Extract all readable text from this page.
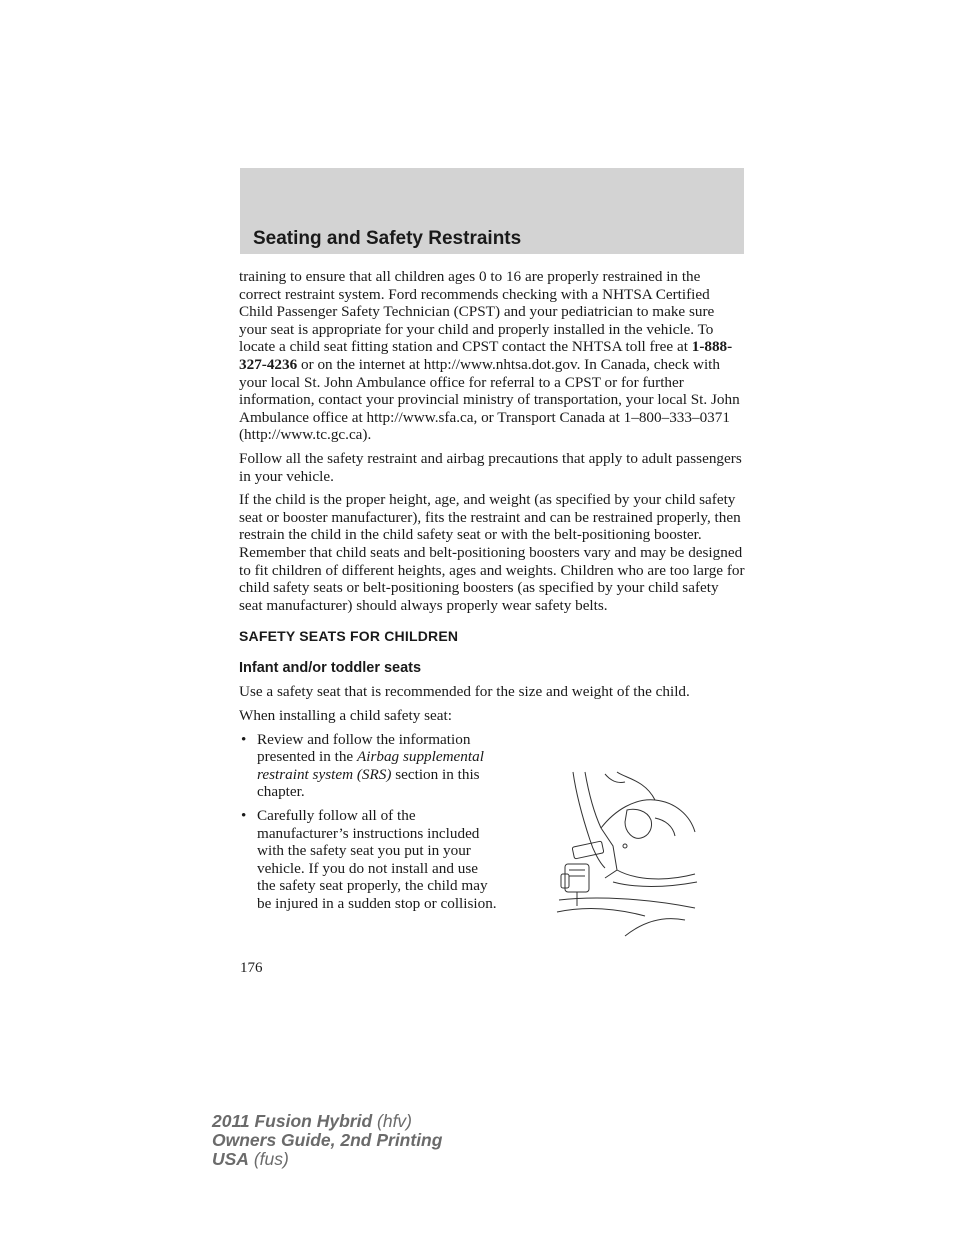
Seating and Safety Restraints

training to ensure that all children ages 0 to 16 are properly restrained in the correct restraint system. Ford recommends checking with a NHTSA Certified Child Passenger Safety Technician (CPST) and your pediatrician to make sure your seat is appropriate for your child and properly installed in the vehicle. To locate a child seat fitting station and CPST contact the NHTSA toll free at 1-888-327-4236 or on the internet at http://www.nhtsa.dot.gov. In Canada, check with your local St. John Ambulance office for referral to a CPST or for further information, contact your provincial ministry of transportation, your local St. John Ambulance office at http://www.sfa.ca, or Transport Canada at 1–800–333–0371 (http://www.tc.gc.ca).

Follow all the safety restraint and airbag precautions that apply to adult passengers in your vehicle.

If the child is the proper height, age, and weight (as specified by your child safety seat or booster manufacturer), fits the restraint and can be restrained properly, then restrain the child in the child safety seat or with the belt-positioning booster. Remember that child seats and belt-positioning boosters vary and may be designed to fit children of different heights, ages and weights. Children who are too large for child safety seats or belt-positioning boosters (as specified by your child safety seat manufacturer) should always properly wear safety belts.

SAFETY SEATS FOR CHILDREN
Infant and/or toddler seats

Use a safety seat that is recommended for the size and weight of the child.

When installing a child safety seat:

• Review and follow the information presented in the Airbag supplemental restraint system (SRS) section in this chapter.
• Carefully follow all of the manufacturer’s instructions included with the safety seat you put in your vehicle. If you do not install and use the safety seat properly, the child may be injured in a sudden stop or collision.
176
2011 Fusion Hybrid (hfv)
Owners Guide, 2nd Printing
USA (fus)
